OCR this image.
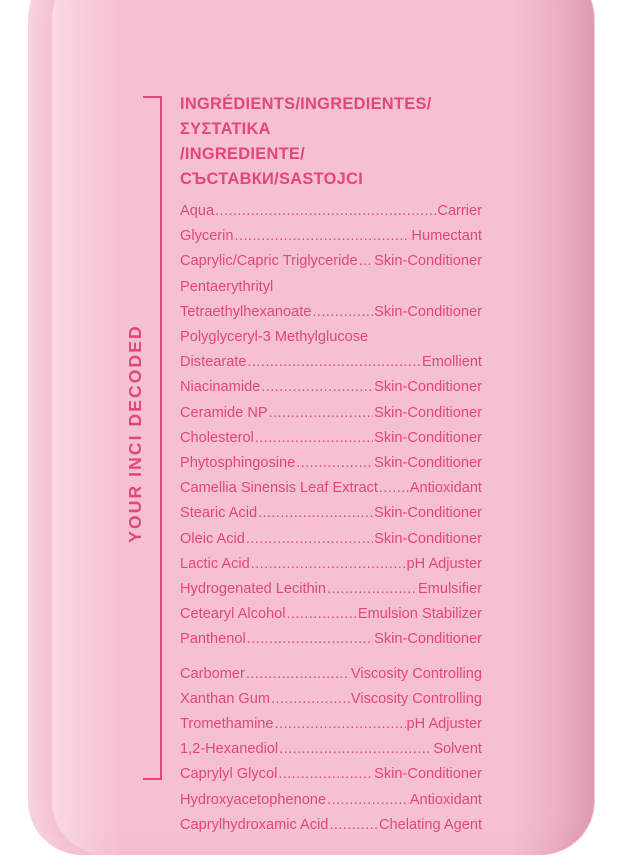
YOUR INCI DECODED
INGRÉDIENTS/INGREDIENTES/ΣΥΣΤΑΤΙΚΑ
/INGREDIENTE/СЪСТАВКИ/SASTOJCI
Aqua .....	Carrier
Glycerin .....	Humectant
Caprylic/Capric Triglyceride ..... Skin-Conditioner
Pentaerythrityl
Tetraethylhexanoate .....	Skin-Conditioner
Polyglyceryl-3 Methylglucose
Distearate .....	Emollient
Niacinamide .....	Skin-Conditioner
Ceramide NP .....	Skin-Conditioner
Cholesterol .....	Skin-Conditioner
Phytosphingosine .....	Skin-Conditioner
Camellia Sinensis Leaf Extract ..... Antioxidant
Stearic Acid .....	Skin-Conditioner
Oleic Acid .....	Skin-Conditioner
Lactic Acid .....	pH Adjuster
Hydrogenated Lecithin .....	Emulsifier
Cetearyl Alcohol .....	Emulsion Stabilizer
Panthenol .....	Skin-Conditioner
Carbomer .....	Viscosity Controlling
Xanthan Gum .....	Viscosity Controlling
Tromethamine .....	pH Adjuster
1,2-Hexanediol .....	Solvent
Caprylyl Glycol .....	Skin-Conditioner
Hydroxyacetophenone .....	Antioxidant
Caprylhydroxamic Acid .....	Chelating Agent
